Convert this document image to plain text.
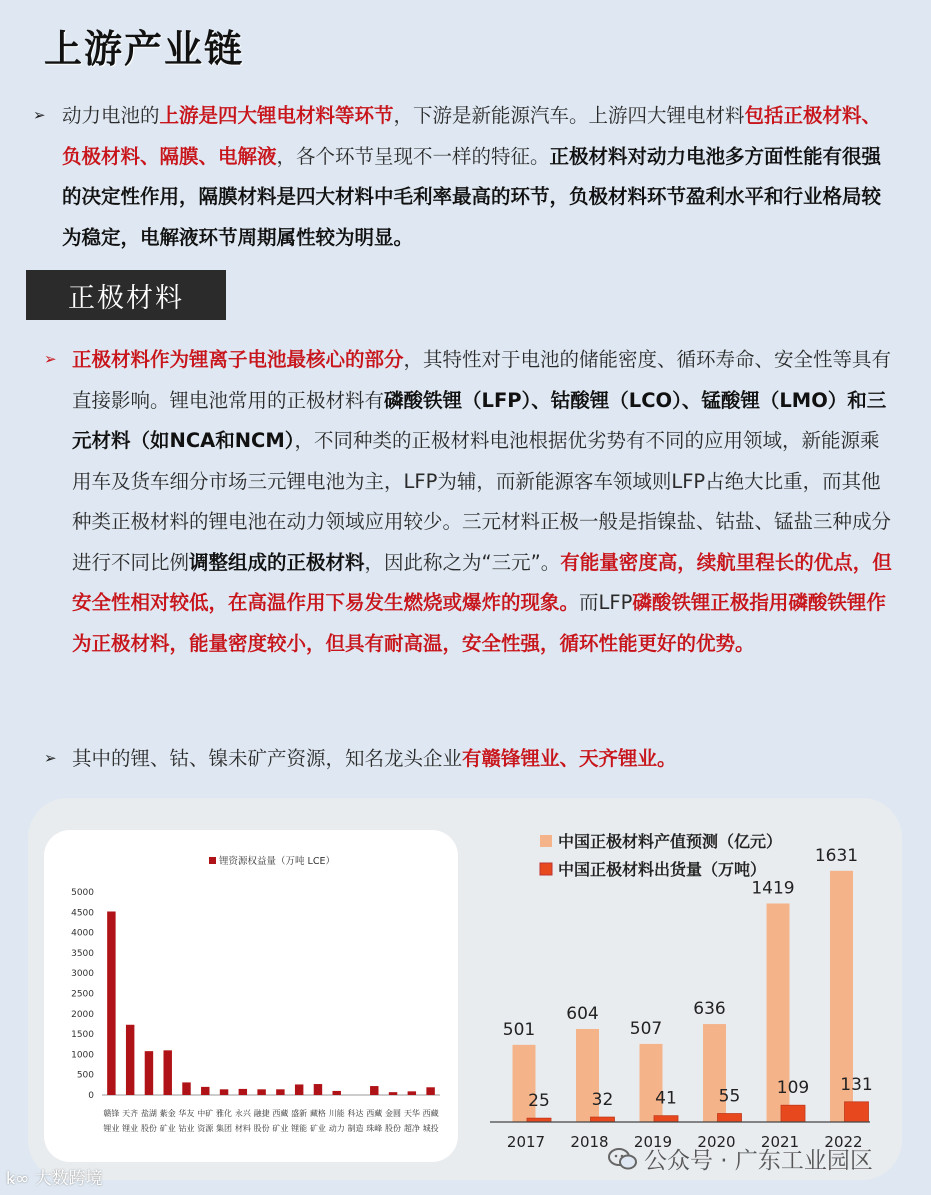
上游产业链
➢ 动力电池的上游是四大锂电材料等环节，下游是新能源汽车。上游四大锂电材料包括正极材料、负极材料、隔膜、电解液，各个环节呈现不一样的特征。正极材料对动力电池多方面性能有很强的决定性作用，隔膜材料是四大材料中毛利率最高的环节，负极材料环节盈利水平和行业格局较为稳定，电解液环节周期属性较为明显。

正极材料
➢ 正极材料作为锂离子电池最核心的部分，其特性对于电池的储能密度、循环寿命、安全性等具有直接影响。锂电池常用的正极材料有磷酸铁锂（LFP）、钴酸锂（LCO）、锰酸锂（LMO）和三元材料（如NCA和NCM），不同种类的正极材料电池根据优劣势有不同的应用领域，新能源乘用车及货车细分市场三元锂电池为主，LFP为辅，而新能源客车领域则LFP占绝大比重，而其他种类正极材料的锂电池在动力领域应用较少。三元材料正极一般是指镍盐、钴盐、锰盐三种成分进行不同比例调整组成的正极材料，因此称之为“三元”。有能量密度高，续航里程长的优点，但安全性相对较低，在高温作用下易发生燃烧或爆炸的现象。而LFP磷酸铁锂正极指用磷酸铁锂作为正极材料，能量密度较小，但具有耐高温，安全性强，循环性能更好的优势。

➢ 其中的锂、钴、镍未矿产资源，知名龙头企业有赣锋锂业、天齐锂业。

锂资源权益量（万吨 LCE）
0
500
1000
1500
2000
2500
3000
3500
4000
4500
5000
赣锋
锂业
天齐
锂业
盐湖
股份
紫金
矿业
华友
钴业
中矿
资源
雅化
集团
永兴
材料
融捷
股份
西藏
矿业
盛新
锂能
藏格
矿业
川能
动力
科达
制造
西藏
珠峰
金圆
股份
天华
超净
西藏
城投
中国正极材料产值预测（亿元）
中国正极材料出货量（万吨）
501
25
2017
604
32
2018
507
41
2019
636
55
2020
1419
109
2021
1631
131
2022
ꝃ∞ 大数跨境
公众号 · 广东工业园区
